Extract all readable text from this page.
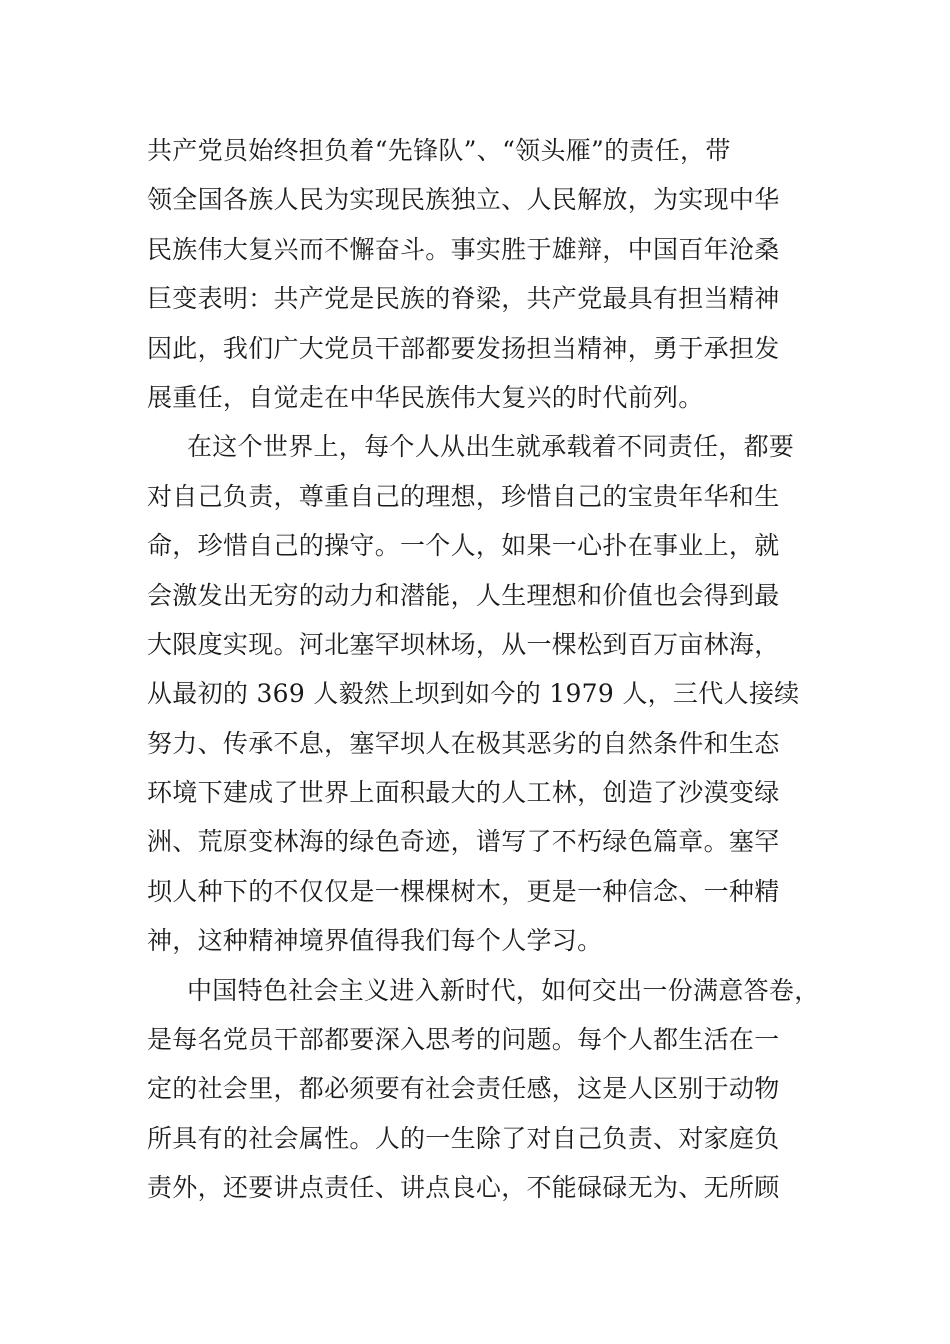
共产党员始终担负着“先锋队”、“领头雁”的责任，带
领全国各族人民为实现民族独立、人民解放，为实现中华
民族伟大复兴而不懈奋斗。事实胜于雄辩，中国百年沧桑
巨变表明：共产党是民族的脊梁，共产党最具有担当精神
因此，我们广大党员干部都要发扬担当精神，勇于承担发
展重任，自觉走在中华民族伟大复兴的时代前列。
在这个世界上，每个人从出生就承载着不同责任，都要
对自己负责，尊重自己的理想，珍惜自己的宝贵年华和生
命，珍惜自己的操守。一个人，如果一心扑在事业上，就
会激发出无穷的动力和潜能，人生理想和价值也会得到最
大限度实现。河北塞罕坝林场，从一棵松到百万亩林海，
从最初的 369 人毅然上坝到如今的 1979 人，三代人接续
努力、传承不息，塞罕坝人在极其恶劣的自然条件和生态
环境下建成了世界上面积最大的人工林，创造了沙漠变绿
洲、荒原变林海的绿色奇迹，谱写了不朽绿色篇章。塞罕
坝人种下的不仅仅是一棵棵树木，更是一种信念、一种精
神，这种精神境界值得我们每个人学习。
中国特色社会主义进入新时代，如何交出一份满意答卷，
是每名党员干部都要深入思考的问题。每个人都生活在一
定的社会里，都必须要有社会责任感，这是人区别于动物
所具有的社会属性。人的一生除了对自己负责、对家庭负
责外，还要讲点责任、讲点良心，不能碌碌无为、无所顾
